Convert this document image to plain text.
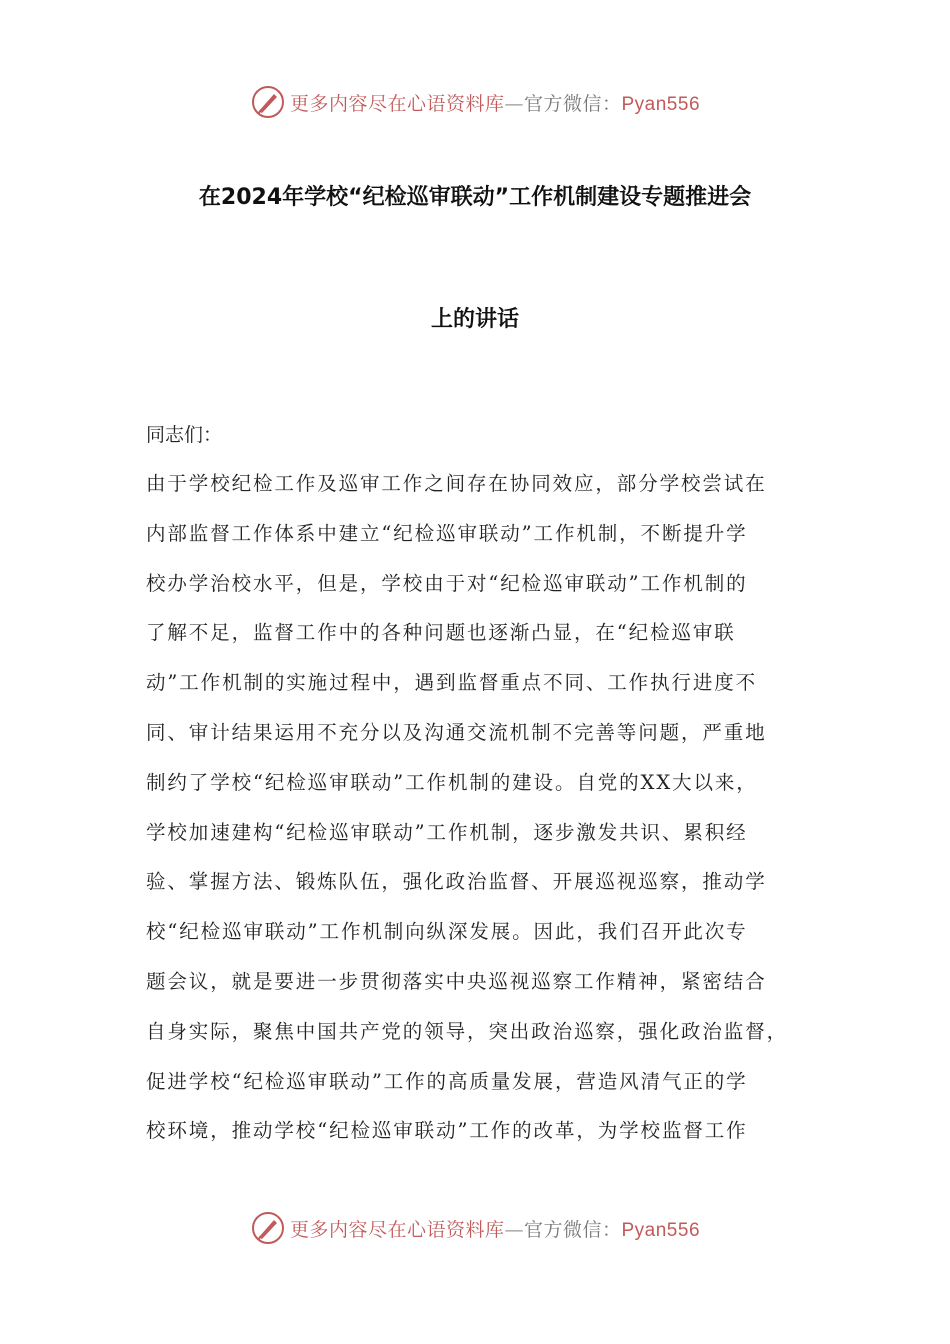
更多内容尽在心语资料库—官方微信：Pyan556
在2024年学校“纪检巡审联动”工作机制建设专题推进会
上的讲话
同志们：
由于学校纪检工作及巡审工作之间存在协同效应，部分学校尝试在
内部监督工作体系中建立“纪检巡审联动”工作机制，不断提升学
校办学治校水平，但是，学校由于对“纪检巡审联动”工作机制的
了解不足，监督工作中的各种问题也逐渐凸显，在“纪检巡审联
动”工作机制的实施过程中，遇到监督重点不同、工作执行进度不
同、审计结果运用不充分以及沟通交流机制不完善等问题，严重地
制约了学校“纪检巡审联动”工作机制的建设。自党的XX大以来，
学校加速建构“纪检巡审联动”工作机制，逐步激发共识、累积经
验、掌握方法、锻炼队伍，强化政治监督、开展巡视巡察，推动学
校“纪检巡审联动”工作机制向纵深发展。因此，我们召开此次专
题会议，就是要进一步贯彻落实中央巡视巡察工作精神，紧密结合
自身实际，聚焦中国共产党的领导，突出政治巡察，强化政治监督，
促进学校“纪检巡审联动”工作的高质量发展，营造风清气正的学
校环境，推动学校“纪检巡审联动”工作的改革，为学校监督工作
更多内容尽在心语资料库—官方微信：Pyan556
